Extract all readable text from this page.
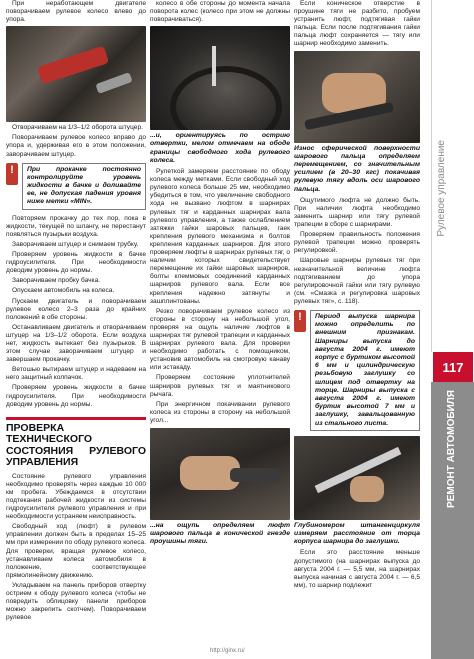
При неработающем двигателе поворачиваем рулевое колесо влево до упора.

Отворачиваем на 1/3–1/2 оборота штуцер.

Поворачиваем рулевое колесо вправо до упора и, удерживая его в этом положении, заворачиваем штуцер.

!
При прокачке постоянно контролируйте уровень жидкости в бачке и доливайте ее, не допуская падения уровня ниже метки «MIN».

Повторяем прокачку до тех пор, пока в жидкости, текущей по шлангу, не перестанут появляться пузырьки воздуха.

Заворачиваем штуцер и снимаем трубку.

Проверяем уровень жидкости в бачке гидроусилителя. При необходимости доводим уровень до нормы.

Заворачиваем пробку бачка.

Опускаем автомобиль на колеса.

Пускаем двигатель и поворачиваем рулевое колесо 2–3 раза до крайних положений в обе стороны.

Останавливаем двигатель и отворачиваем штуцер на 1/3–1/2 оборота. Если воздуха нет, жидкость вытекает без пузырьков. В этом случае заворачиваем штуцер и завершаем прокачку.

Ветошью вытираем штуцер и надеваем на него защитный колпачок.

Проверяем уровень жидкости в бачке гидроусилителя. При необходимости доводим уровень до нормы.

ПРОВЕРКА ТЕХНИЧЕСКОГО СОСТОЯНИЯ РУЛЕВОГО УПРАВЛЕНИЯ

Состояние рулевого управления необходимо проверять через каждые 10 000 км пробега. Убеждаемся в отсутствии подтекания рабочей жидкости из системы гидроусилителя рулевого управления и при необходимости устраняем неисправность.

Свободный ход (люфт) в рулевом управлении должен быть в пределах 15–25 мм при измерении по ободу рулевого колеса. Для проверки, вращая рулевое колесо, устанавливаем колеса автомобиля в положение, соответствующее прямолинейному движению.

Укладываем на панель приборов отвертку острием к ободу рулевого колеса (чтобы не повредить облицовку панели приборов можно закрепить скотчем). Поворачиваем рулевое

колесо в обе стороны до момента начала поворота колес (колесо при этом не должны поворачиваться).

...и, ориентируясь по острию отвертки, мелом отмечаем на ободе границы свободного хода рулевого колеса.

Рулеткой замеряем расстояние по ободу колеса между метками. Если свободный ход рулевого колеса больше 25 мм, необходимо убедиться в том, что увеличение свободного хода не вызвано люфтом в шарнирах рулевых тяг и карданных шарнирах вала рулевого управления, а также ослаблением затяжки гайки шаровых пальцев, гаек крепления рулевого механизма и болтов крепления карданных шарниров. Для этого проверяем люфты в шарнирах рулевых тяг, о наличии которых свидетельствует перемещение их гайки шаровых шарниров, болты клеммовых соединений карданных шарниров рулевого вала. Если все крепления надежно затянуты и зашплинтованы.

Резко поворачиваем рулевое колесо из стороны в сторону на небольшой угол, проверяя на ощупь наличие люфтов в шарнирах тяг рулевой трапеции и карданных шарнирах рулевого вала. Для проверки необходимо работать с помощником, установив автомобиль на смотровую канаву или эстакаду.

Проверяем состояние уплотнителей шарниров рулевых тяг и маятникового рычага.

При энергичном покачивании рулевого колеса из стороны в сторону на небольшой угол...

...на ощупь определяем люфт шарового пальца в конической гнезде проушины тяги.

Если коническое отверстие в проушине тяги не разбито, пробуем устранить люфт, подтягивая гайки пальца. Если после подтягивания гайки пальца люфт сохраняется — тягу или шарнир необходимо заменить.

Износ сферической поверхности шарового пальца определяем перемещением, со значительным усилием (в 20–30 кгс) покачивая рулевую тягу вдоль оси шарового пальца.

Ощутимого люфта не должно быть. При наличии люфта необходимо заменить шарнир или тягу рулевой трапеции в сборе с шарнирами.

Проверяем правильность положения рулевой трапеции можно проверять регулировкой.

Шаровые шарниры рулевых тяг при незначительной величине люфта подтягиванием до упора регулировочной гайки или тягу рулевую (см. «Смазка и регулировка шаровых рулевых тяг», с. 118).

!
Период выпуска шарнира можно определить по внешним признакам. Шарниры выпуска до августа 2004 г. имеют корпус с буртиком высотой 6 мм и цилиндрическую резьбовую заглушку со шлицем под отвертку на торце. Шарниры выпуска с августа 2004 г. имеют буртик высотой 7 мм и заглушку, завальцованную из стального листа.
Глубиномером штангенциркуля измеряем расстояние от торца корпуса шарнира до заглушки.

Если это расстояние меньше допустимого (на шарнирах выпуска до августа 2004 г. — 5,5 мм, на шарнирах выпуска начиная с августа 2004 г. — 6,5 мм), то шарнир подлежит

Рулевое управление
117
РЕМОНТ АВТОМОБИЛЯ
http://ginx.ru/
